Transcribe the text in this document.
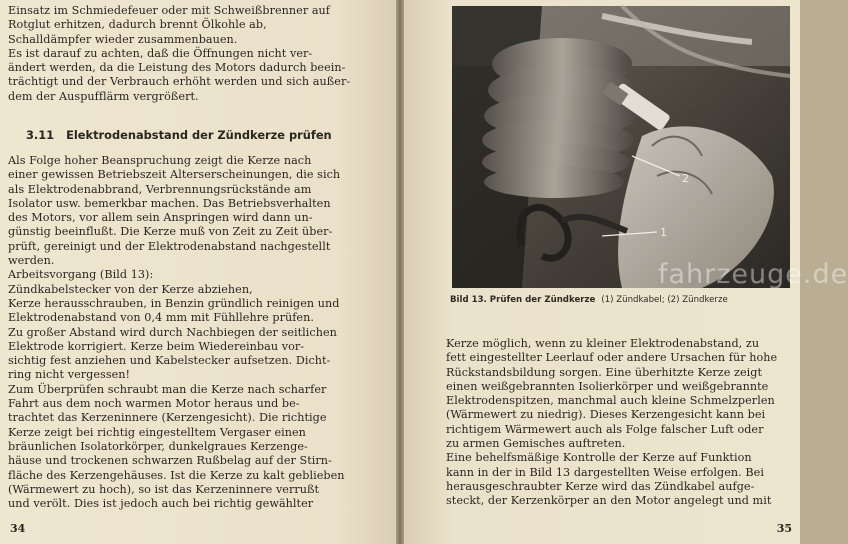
Einsatz im Schmiedefeuer oder mit Schweißbrenner auf
Rotglut erhitzen, dadurch brennt Ölkohle ab,
Schalldämpfer wieder zusammenbauen.
Es ist darauf zu achten, daß die Öffnungen nicht ver-
ändert werden, da die Leistung des Motors dadurch beein-
trächtigt und der Verbrauch erhöht werden und sich außer-
dem der Auspufflärm vergrößert.
3.11 Elektrodenabstand der Zündkerze prüfen
Als Folge hoher Beanspruchung zeigt die Kerze nach
einer gewissen Betriebszeit Alterserscheinungen, die sich
als Elektrodenabbrand, Verbrennungsrückstände am
Isolator usw. bemerkbar machen. Das Betriebsverhalten
des Motors, vor allem sein Anspringen wird dann un-
günstig beeinflußt. Die Kerze muß von Zeit zu Zeit über-
prüft, gereinigt und der Elektrodenabstand nachgestellt
werden.
Arbeitsvorgang (Bild 13):
Zündkabelstecker von der Kerze abziehen,
Kerze herausschrauben, in Benzin gründlich reinigen und
Elektrodenabstand von 0,4 mm mit Fühllehre prüfen.
Zu großer Abstand wird durch Nachbiegen der seitlichen
Elektrode korrigiert. Kerze beim Wiedereinbau vor-
sichtig fest anziehen und Kabelstecker aufsetzen. Dicht-
ring nicht vergessen!
Zum Überprüfen schraubt man die Kerze nach scharfer
Fahrt aus dem noch warmen Motor heraus und be-
trachtet das Kerzeninnere (Kerzengesicht). Die richtige
Kerze zeigt bei richtig eingestelltem Vergaser einen
bräunlichen Isolatorkörper, dunkelgraues Kerzenge-
häuse und trockenen schwarzen Rußbelag auf der Stirn-
fläche des Kerzengehäuses. Ist die Kerze zu kalt geblieben
(Wärmewert zu hoch), so ist das Kerzeninnere verrußt
und verölt. Dies ist jedoch auch bei richtig gewählter
34
1
2
fahrzeuge.de
Bild 13. Prüfen der Zündkerze (1) Zündkabel; (2) Zündkerze
Kerze möglich, wenn zu kleiner Elektrodenabstand, zu
fett eingestellter Leerlauf oder andere Ursachen für hohe
Rückstandsbildung sorgen. Eine überhitzte Kerze zeigt
einen weißgebrannten Isolierkörper und weißgebrannte
Elektrodenspitzen, manchmal auch kleine Schmelzperlen
(Wärmewert zu niedrig). Dieses Kerzengesicht kann bei
richtigem Wärmewert auch als Folge falscher Luft oder
zu armen Gemisches auftreten.
Eine behelfsmäßige Kontrolle der Kerze auf Funktion
kann in der in Bild 13 dargestellten Weise erfolgen. Bei
herausgeschraubter Kerze wird das Zündkabel aufge-
steckt, der Kerzenkörper an den Motor angelegt und mit
35
